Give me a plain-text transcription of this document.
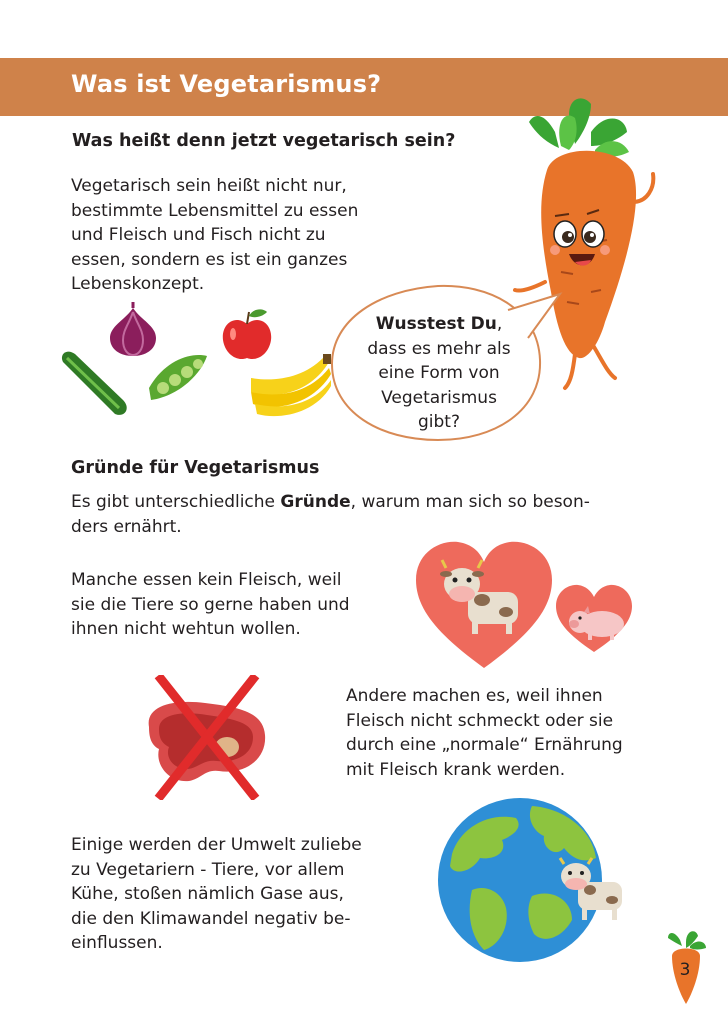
Was ist Vegetarismus?
Was heißt denn jetzt vegetarisch sein?

Vegetarisch sein heißt nicht nur,

bestimmte Lebensmittel zu essen

und Fleisch und Fisch nicht zu

essen, sondern es ist ein ganzes

Lebenskonzept.

Wusstest Du,

dass es mehr als

eine Form von

Vegetarismus

gibt?

Gründe für Vegetarismus

Es gibt unterschiedliche Gründe, warum man sich so beson-

ders ernährt.

Manche essen kein Fleisch, weil

sie die Tiere so gerne haben und

ihnen nicht wehtun wollen.

Andere machen es, weil ihnen

Fleisch nicht schmeckt oder sie

durch eine „normale“ Ernährung

mit Fleisch krank werden.

Einige werden der Umwelt zuliebe

zu Vegetariern - Tiere, vor allem

Kühe, stoßen nämlich Gase aus,

die den Klimawandel negativ be-

einflussen.

3
